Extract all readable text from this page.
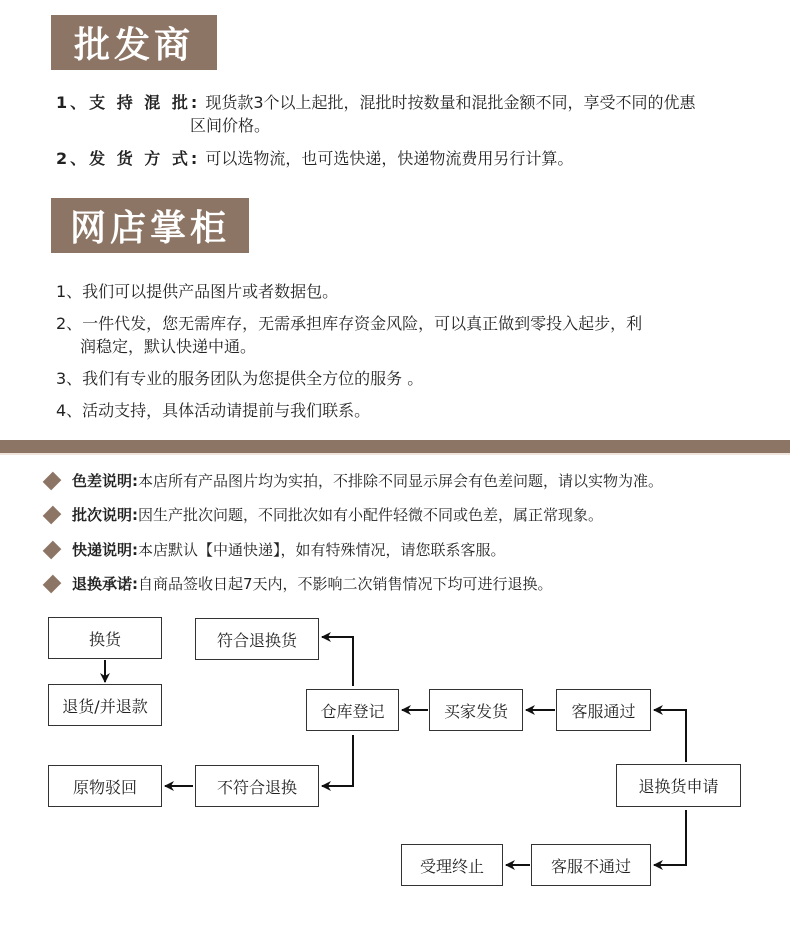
批发商
1、支 持 混 批: 现货款3个以上起批，混批时按数量和混批金额不同，享受不同的优惠
区间价格。
2、发 货 方 式: 可以选物流，也可选快递，快递物流费用另行计算。
网店掌柜
1、我们可以提供产品图片或者数据包。
2、一件代发，您无需库存，无需承担库存资金风险，可以真正做到零投入起步，利
润稳定，默认快递中通。
3、我们有专业的服务团队为您提供全方位的服务 。
4、活动支持，具体活动请提前与我们联系。
色差说明: 本店所有产品图片均为实拍，不排除不同显示屏会有色差问题，请以实物为准。
批次说明: 因生产批次问题，不同批次如有小配件轻微不同或色差，属正常现象。
快递说明: 本店默认【中通快递】，如有特殊情况，请您联系客服。
退换承诺: 自商品签收日起7天内，不影响二次销售情况下均可进行退换。
换货
退货/并退款
原物驳回
符合退换货
仓库登记	买家发货	客服通过
不符合退换	退换货申请
受理终止	客服不通过
